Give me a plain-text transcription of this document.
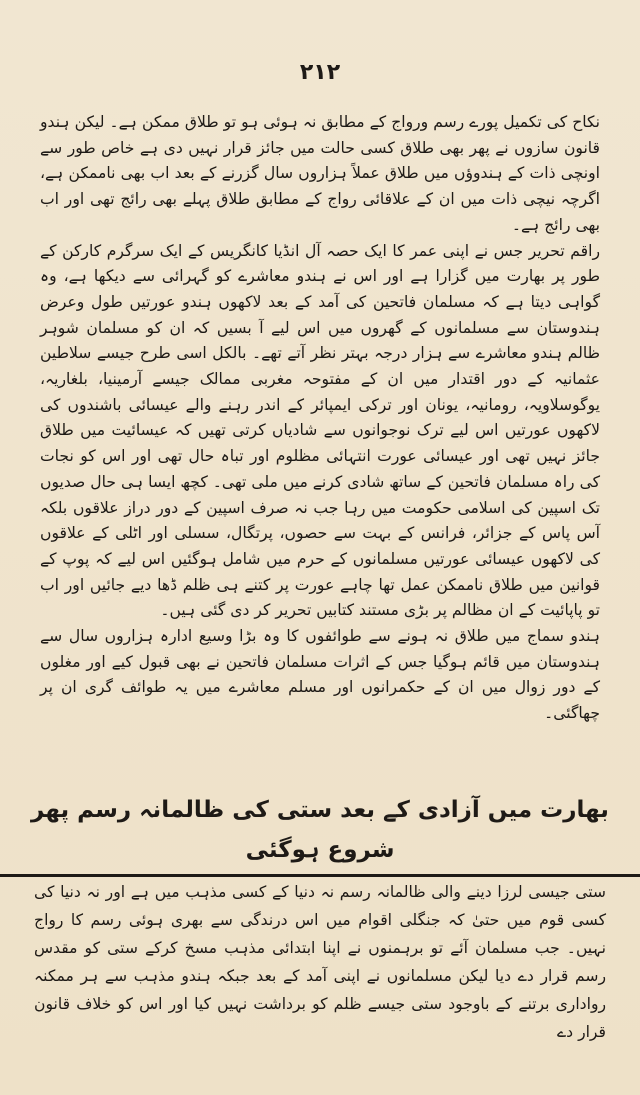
۲۱۲

نکاح کی تکمیل پورے رسم ورواج کے مطابق نہ ہوئی ہو تو طلاق ممکن ہے۔ لیکن ہندو قانون سازوں نے پھر بھی طلاق کسی حالت میں جائز قرار نہیں دی ہے خاص طور سے اونچی ذات کے ہندوؤں میں طلاق عملاً ہزاروں سال گزرنے کے بعد اب بھی ناممکن ہے، اگرچہ نیچی ذات میں ان کے علاقائی رواج کے مطابق طلاق پہلے بھی رائج تھی اور اب بھی رائج ہے۔

راقم تحریر جس نے اپنی عمر کا ایک حصہ آل انڈیا کانگریس کے ایک سرگرم کارکن کے طور پر بھارت میں گزارا ہے اور اس نے ہندو معاشرے کو گہرائی سے دیکھا ہے، وہ گواہی دیتا ہے کہ مسلمان فاتحین کی آمد کے بعد لاکھوں ہندو عورتیں طول وعرض ہندوستان سے مسلمانوں کے گھروں میں اس لیے آ بسیں کہ ان کو مسلمان شوہر ظالم ہندو معاشرے سے ہزار درجہ بہتر نظر آتے تھے۔ بالکل اسی طرح جیسے سلاطین عثمانیہ کے دور اقتدار میں ان کے مفتوحہ مغربی ممالک جیسے آرمینیا، بلغاریہ، یوگوسلاویہ، رومانیہ، یونان اور ترکی ایمپائر کے اندر رہنے والے عیسائی باشندوں کی لاکھوں عورتیں اس لیے ترک نوجوانوں سے شادیاں کرتی تھیں کہ عیسائیت میں طلاق جائز نہیں تھی اور عیسائی عورت انتہائی مظلوم اور تباہ حال تھی اور اس کو نجات کی راہ مسلمان فاتحین کے ساتھ شادی کرنے میں ملی تھی۔ کچھ ایسا ہی حال صدیوں تک اسپین کی اسلامی حکومت میں رہا جب نہ صرف اسپین کے دور دراز علاقوں بلکہ آس پاس کے جزائر، فرانس کے بہت سے حصوں، پرتگال، سسلی اور اٹلی کے علاقوں کی لاکھوں عیسائی عورتیں مسلمانوں کے حرم میں شامل ہوگئیں اس لیے کہ پوپ کے قوانین میں طلاق ناممکن عمل تھا چاہے عورت پر کتنے ہی ظلم ڈھا دیے جائیں اور اب تو پاپائیت کے ان مظالم پر بڑی مستند کتابیں تحریر کر دی گئی ہیں۔

ہندو سماج میں طلاق نہ ہونے سے طوائفوں کا وہ بڑا وسیع ادارہ ہزاروں سال سے ہندوستان میں قائم ہوگیا جس کے اثرات مسلمان فاتحین نے بھی قبول کیے اور مغلوں کے دور زوال میں ان کے حکمرانوں اور مسلم معاشرے میں یہ طوائف گری ان پر چھاگئی۔

بھارت میں آزادی کے بعد ستی کی ظالمانہ رسم پھر شروع ہوگئی

ستی جیسی لرزا دینے والی ظالمانہ رسم نہ دنیا کے کسی مذہب میں ہے اور نہ دنیا کی کسی قوم میں حتیٰ کہ جنگلی اقوام میں اس درندگی سے بھری ہوئی رسم کا رواج نہیں۔ جب مسلمان آئے تو برہمنوں نے اپنا ابتدائی مذہب مسخ کرکے ستی کو مقدس رسم قرار دے دیا لیکن مسلمانوں نے اپنی آمد کے بعد جبکہ ہندو مذہب سے ہر ممکنہ رواداری برتنے کے باوجود ستی جیسے ظلم کو برداشت نہیں کیا اور اس کو خلاف قانون قرار دے
